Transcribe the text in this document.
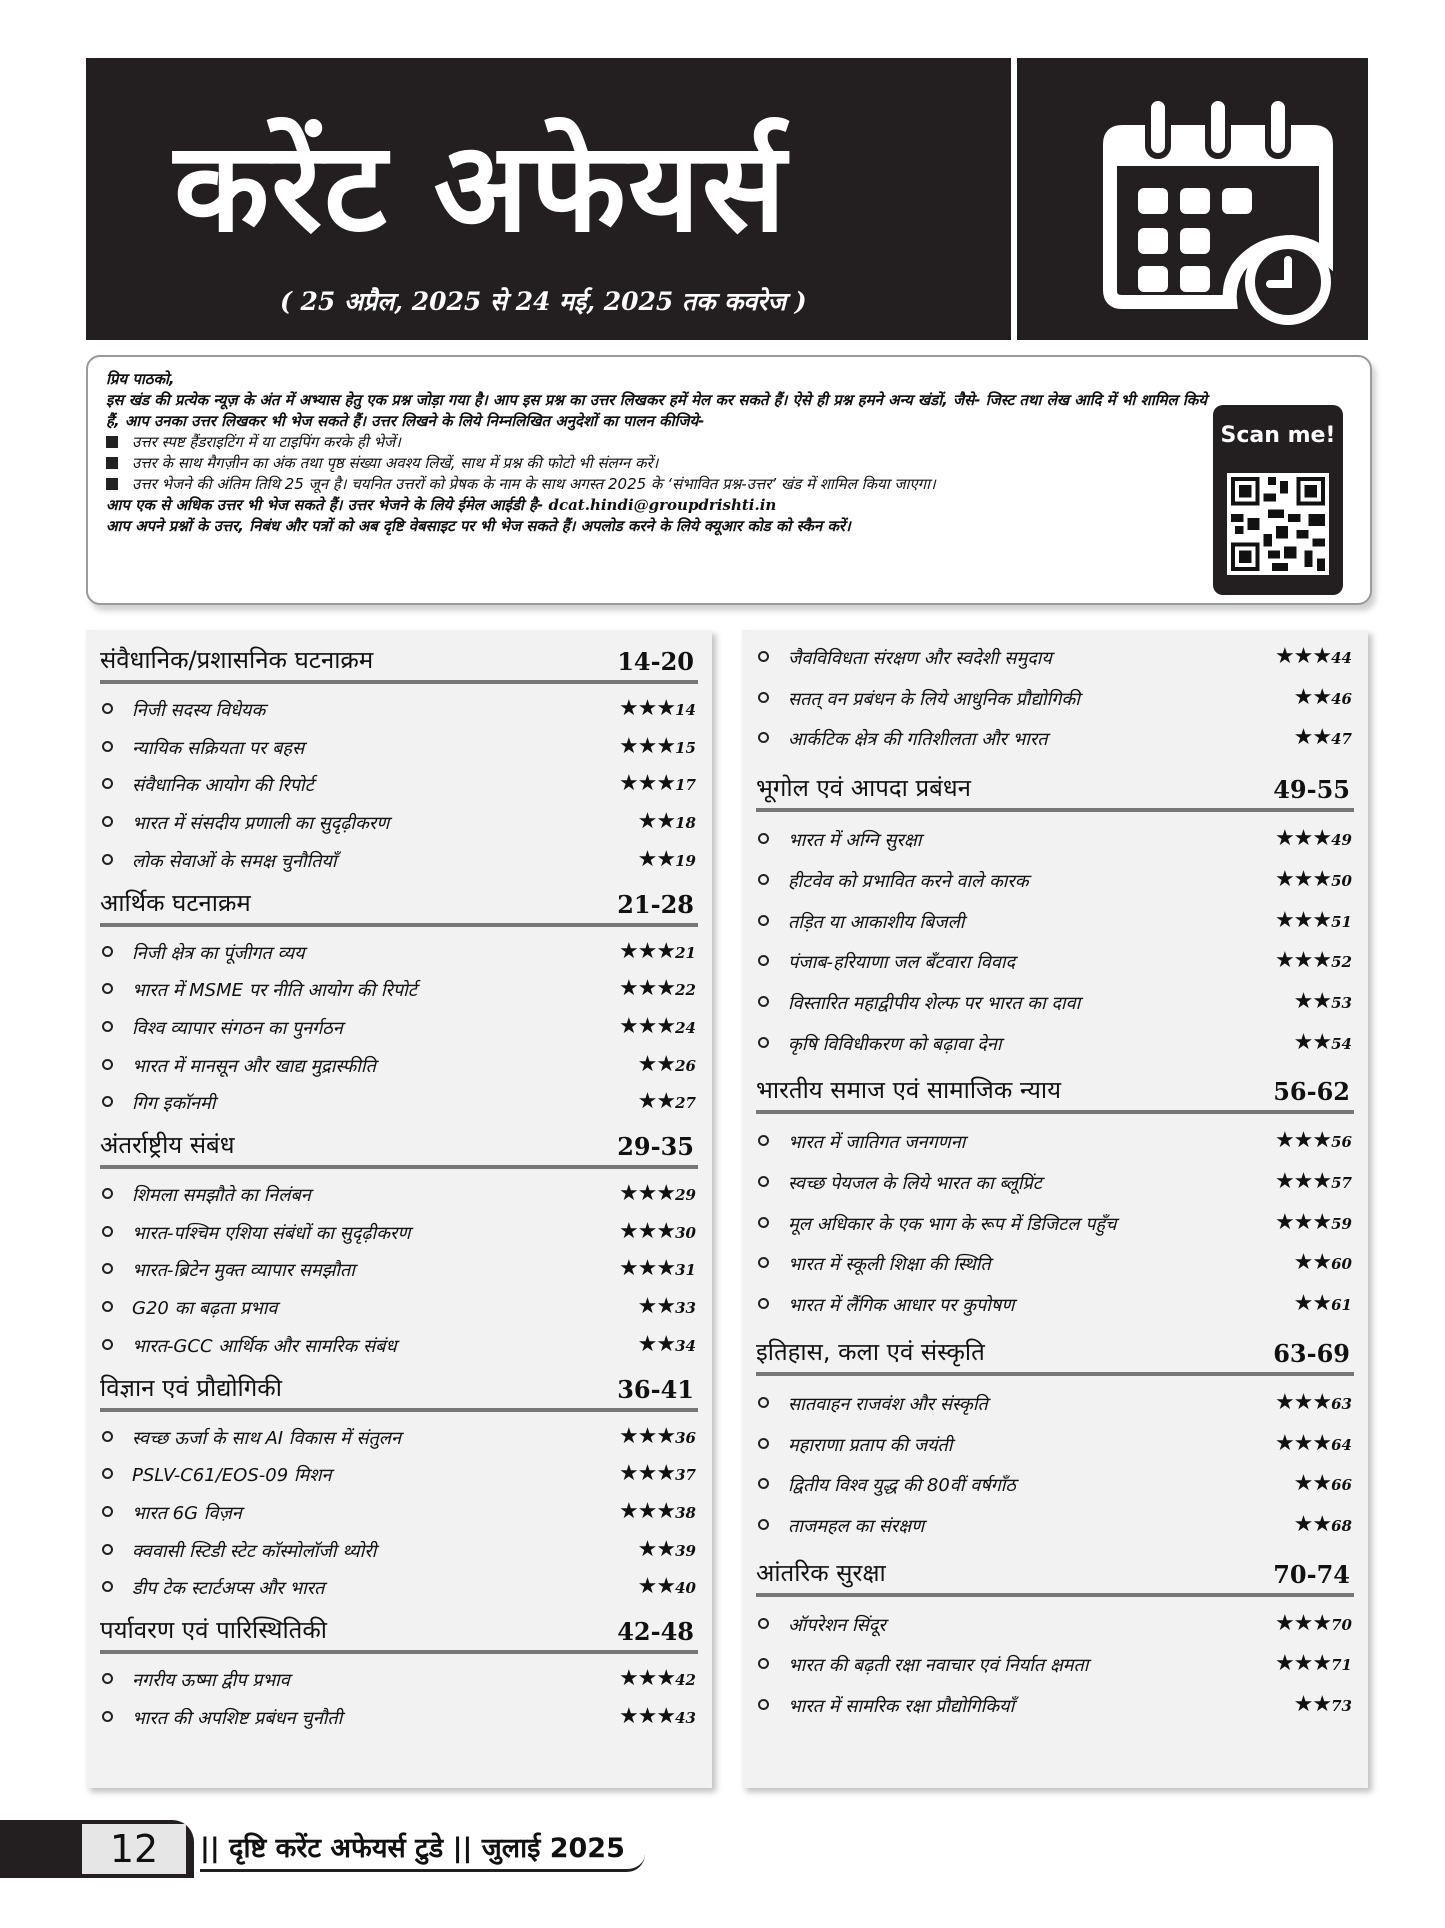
करेंट अफेयर्स
( 25 अप्रैल, 2025 से 24 मई, 2025 तक कवरेज )

प्रिय पाठको,

इस खंड की प्रत्येक न्यूज़ के अंत में अभ्यास हेतु एक प्रश्न जोड़ा गया है। आप इस प्रश्न का उत्तर लिखकर हमें मेल कर सकते हैं। ऐसे ही प्रश्न हमने अन्य खंडों, जैसे- जिस्ट तथा लेख आदि में भी शामिल किये हैं, आप उनका उत्तर लिखकर भी भेज सकते हैं। उत्तर लिखने के लिये निम्नलिखित अनुदेशों का पालन कीजिये-

उत्तर स्पष्ट हैंडराइटिंग में या टाइपिंग करके ही भेजें।

उत्तर के साथ मैगज़ीन का अंक तथा पृष्ठ संख्या अवश्य लिखें, साथ में प्रश्न की फोटो भी संलग्न करें।

उत्तर भेजने की अंतिम तिथि 25 जून है। चयनित उत्तरों को प्रेषक के नाम के साथ अगस्त 2025 के ‘संभावित प्रश्न-उत्तर’ खंड में शामिल किया जाएगा।

आप एक से अधिक उत्तर भी भेज सकते हैं। उत्तर भेजने के लिये ईमेल आईडी है- dcat.hindi@groupdrishti.in

आप अपने प्रश्नों के उत्तर, निबंध और पत्रों को अब दृष्टि वेबसाइट पर भी भेज सकते हैं। अपलोड करने के लिये क्यूआर कोड को स्कैन करें।

Scan me!
संवैधानिक/प्रशासनिक घटनाक्रम	14-20
निजी सदस्य विधेयक	★★★14
न्यायिक सक्रियता पर बहस	★★★15
संवैधानिक आयोग की रिपोर्ट	★★★17
भारत में संसदीय प्रणाली का सुदृढ़ीकरण	★★18
लोक सेवाओं के समक्ष चुनौतियाँ	★★19
आर्थिक घटनाक्रम	21-28
निजी क्षेत्र का पूंजीगत व्यय	★★★21
भारत में MSME पर नीति आयोग की रिपोर्ट	★★★22
विश्व व्यापार संगठन का पुनर्गठन	★★★24
भारत में मानसून और खाद्य मुद्रास्फीति	★★26
गिग इकॉनमी	★★27
अंतर्राष्ट्रीय संबंध	29-35
शिमला समझौते का निलंबन	★★★29
भारत-पश्चिम एशिया संबंधों का सुदृढ़ीकरण	★★★30
भारत-ब्रिटेन मुक्त व्यापार समझौता	★★★31
G20 का बढ़ता प्रभाव	★★33
भारत-GCC आर्थिक और सामरिक संबंध	★★34
विज्ञान एवं प्रौद्योगिकी	36-41
स्वच्छ ऊर्जा के साथ AI विकास में संतुलन	★★★36
PSLV-C61/EOS-09 मिशन	★★★37
भारत 6G विज़न	★★★38
क्ववासी स्टिडी स्टेट कॉस्मोलॉजी थ्योरी	★★39
डीप टेक स्टार्टअप्स और भारत	★★40
पर्यावरण एवं पारिस्थितिकी	42-48
नगरीय ऊष्मा द्वीप प्रभाव	★★★42
भारत की अपशिष्ट प्रबंधन चुनौती	★★★43
जैवविविधता संरक्षण और स्वदेशी समुदाय	★★★44
सतत् वन प्रबंधन के लिये आधुनिक प्रौद्योगिकी	★★46
आर्कटिक क्षेत्र की गतिशीलता और भारत	★★47
भूगोल एवं आपदा प्रबंधन	49-55
भारत में अग्नि सुरक्षा	★★★49
हीटवेव को प्रभावित करने वाले कारक	★★★50
तड़ित या आकाशीय बिजली	★★★51
पंजाब-हरियाणा जल बँटवारा विवाद	★★★52
विस्तारित महाद्वीपीय शेल्फ पर भारत का दावा	★★53
कृषि विविधीकरण को बढ़ावा देना	★★54
भारतीय समाज एवं सामाजिक न्याय	56-62
भारत में जातिगत जनगणना	★★★56
स्वच्छ पेयजल के लिये भारत का ब्लूप्रिंट	★★★57
मूल अधिकार के एक भाग के रूप में डिजिटल पहुँच	★★★59
भारत में स्कूली शिक्षा की स्थिति	★★60
भारत में लैंगिक आधार पर कुपोषण	★★61
इतिहास, कला एवं संस्कृति	63-69
सातवाहन राजवंश और संस्कृति	★★★63
महाराणा प्रताप की जयंती	★★★64
द्वितीय विश्व युद्ध की 80वीं वर्षगाँठ	★★66
ताजमहल का संरक्षण	★★68
आंतरिक सुरक्षा	70-74
ऑपरेशन सिंदूर	★★★70
भारत की बढ़ती रक्षा नवाचार एवं निर्यात क्षमता	★★★71
भारत में सामरिक रक्षा प्रौद्योगिकियाँ	★★73
12	|| दृष्टि करेंट अफेयर्स टुडे || जुलाई 2025
